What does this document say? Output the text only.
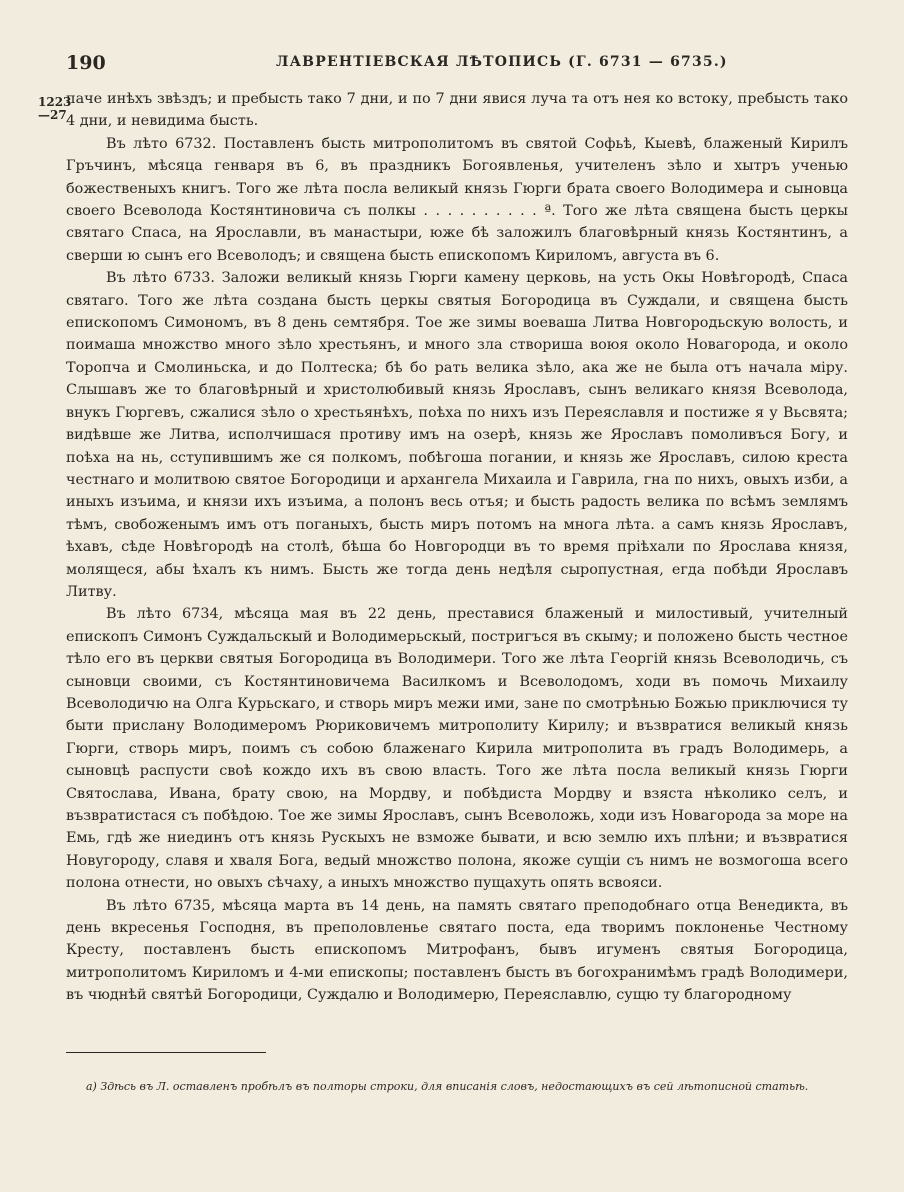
190	ЛАВРЕНТІЕВСКАЯ ЛѢТОПИСЬ (Г. 6731 — 6735.)
1223
—27

паче инѣхъ звѣздъ; и пребысть тако 7 дни, и по 7 дни явися луча та отъ нея ко встоку, пребысть тако 4 дни, и невидима бысть.

Въ лѣто 6732. Поставленъ бысть митрополитомъ въ святой Софьѣ, Кыевѣ, блаженый Кирилъ Гръчинъ, мѣсяца генваря въ 6, въ праздникъ Богоявленья, учителенъ зѣло и хытръ ученью божественыхъ книгъ. Того же лѣта посла великый князь Гюрги брата своего Володимера и сыновца своего Всеволода Костянтиновича съ полкы . . . . . . . . . . ª. Того же лѣта священа бысть церкы святаго Спаса, на Ярославли, въ манастыри, юже бѣ заложилъ благовѣрный князь Костянтинъ, а сверши ю сынъ его Всеволодъ; и священа бысть епископомъ Кириломъ, августа въ 6.

Въ лѣто 6733. Заложи великый князь Гюрги камену церковь, на усть Окы Новѣгородѣ, Спаса святаго. Того же лѣта создана бысть церкы святыя Богородица въ Суждали, и священа бысть епископомъ Симономъ, въ 8 день семтября. Тое же зимы воеваша Литва Новгородьскую волость, и поимаша множство много зѣло хрестьянъ, и много зла створиша воюя около Новагорода, и около Торопча и Смолиньска, и до Полтеска; бѣ бо рать велика зѣло, ака же не была отъ начала міру. Слышавъ же то благовѣрный и христолюбивый князь Ярославъ, сынъ великаго князя Всеволода, внукъ Гюргевъ, сжалися зѣло о хрестьянѣхъ, поѣха по нихъ изъ Переяславля и постиже я у Вьсвята; видѣвше же Литва, исполчишася противу имъ на озерѣ, князь же Ярославъ помоливъся Богу, и поѣха на нь, сступившимъ же ся полкомъ, побѣгоша погании, и князь же Ярославъ, силою креста честнаго и молитвою святое Богородици и архангела Михаила и Гаврила, гна по нихъ, овыхъ изби, а иныхъ изъима, и князи ихъ изъима, а полонъ весь отъя; и бысть радость велика по всѣмъ землямъ тѣмъ, свобоженымъ имъ отъ поганыхъ, бысть миръ потомъ на многа лѣта. а самъ князь Ярославъ, ѣхавъ, сѣде Новѣгородѣ на столѣ, бѣша бо Новгородци въ то время пріѣхали по Ярослава князя, молящеся, абы ѣхалъ къ нимъ. Бысть же тогда день недѣля сыропустная, егда побѣди Ярославъ Литву.

Въ лѣто 6734, мѣсяца мая въ 22 день, преставися блаженый и милостивый, учителный епископъ Симонъ Суждальскый и Володимерьскый, постригъся въ скыму; и положено бысть честное тѣло его въ церкви святыя Богородица въ Володимери. Того же лѣта Георгій князь Всеволодичь, съ сыновци своими, съ Костянтиновичема Василкомъ и Всеволодомъ, ходи въ помочь Михаилу Всеволодичю на Олга Курьскаго, и створь миръ межи ими, зане по смотрѣнью Божью приключися ту быти прислану Володимеромъ Рюриковичемъ митрополиту Кирилу; и възвратися великый князь Гюрги, створь миръ, поимъ съ собою блаженаго Кирила митрополита въ градъ Володимерь, а сыновцѣ распусти своѣ кождо ихъ въ свою власть. Того же лѣта посла великый князь Гюрги Святослава, Ивана, брату свою, на Мордву, и побѣдиста Мордву и взяста нѣколико селъ, и възвратистася съ побѣдою. Тое же зимы Ярославъ, сынъ Всеволожь, ходи изъ Новагорода за море на Емь, гдѣ же ниединъ отъ князь Рускыхъ не взможе бывати, и всю землю ихъ плѣни; и възвратися Новугороду, славя и хваля Бога, ведый множство полона, якоже сущіи съ нимъ не возмогоша всего полона отнести, но овыхъ сѣчаху, а иныхъ множство пущахуть опять всвояси.

Въ лѣто 6735, мѣсяца марта въ 14 день, на память святаго преподобнаго отца Венедикта, въ день вкресенья Господня, въ преполовленье святаго поста, еда творимъ поклоненье Честному Кресту, поставленъ бысть епископомъ Митрофанъ, бывъ игуменъ святыя Богородица, митрополитомъ Кириломъ и 4-ми епископы; поставленъ бысть въ богохранимѣмъ градѣ Володимери, въ чюднѣй святѣй Богородици, Суждалю и Володимерю, Переяславлю, сущю ту благородному

а) Здѣсь въ Л. оставленъ пробѣлъ въ полторы строки, для вписанія словъ, недостающихъ въ сей лѣтописной статьѣ.
